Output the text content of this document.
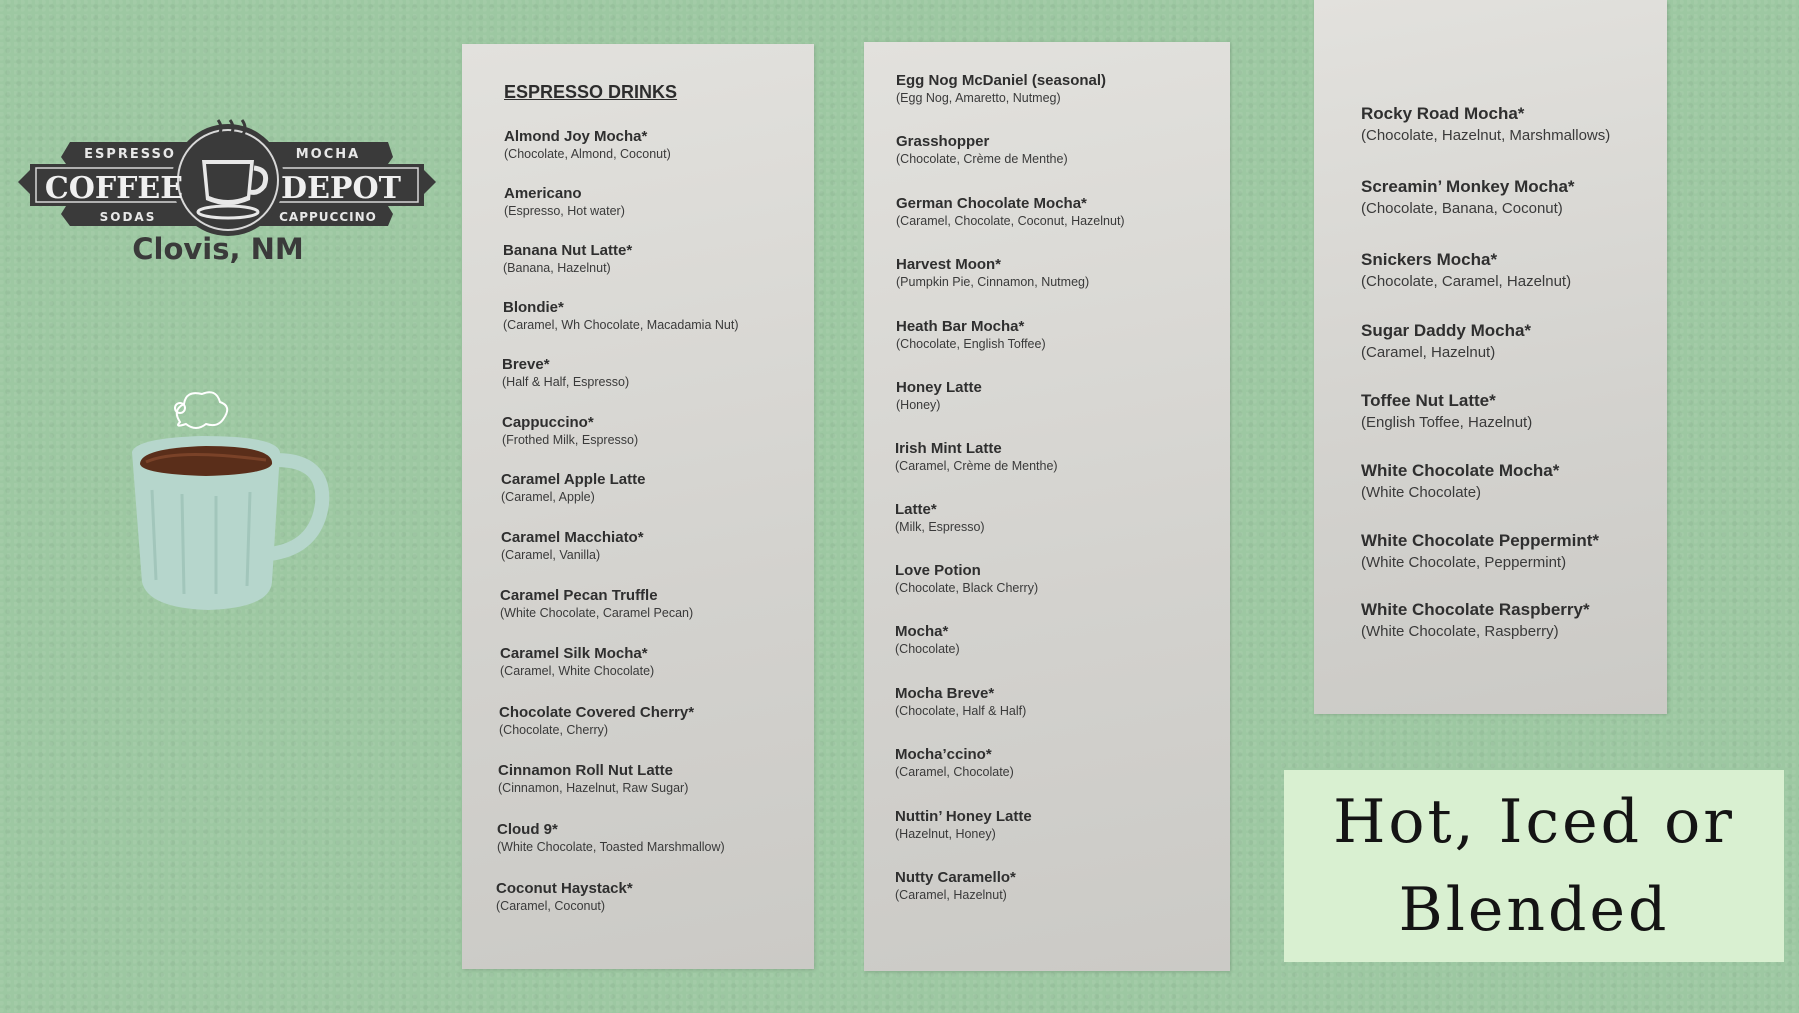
ESPRESSO	MOCHA
COFFEE	DEPOT
SODAS	CAPPUCCINO
Clovis, NM
ESPRESSO DRINKS
Almond Joy Mocha*
(Chocolate, Almond, Coconut)
Americano
(Espresso, Hot water)
Banana Nut Latte*
(Banana, Hazelnut)
Blondie*
(Caramel, Wh Chocolate, Macadamia Nut)
Breve*
(Half & Half, Espresso)
Cappuccino*
(Frothed Milk, Espresso)
Caramel Apple Latte
(Caramel, Apple)
Caramel Macchiato*
(Caramel, Vanilla)
Caramel Pecan Truffle
(White Chocolate, Caramel Pecan)
Caramel Silk Mocha*
(Caramel, White Chocolate)
Chocolate Covered Cherry*
(Chocolate, Cherry)
Cinnamon Roll Nut Latte
(Cinnamon, Hazelnut, Raw Sugar)
Cloud 9*
(White Chocolate, Toasted Marshmallow)
Coconut Haystack*
(Caramel, Coconut)
Egg Nog McDaniel (seasonal)
(Egg Nog, Amaretto, Nutmeg)
Grasshopper
(Chocolate, Crème de Menthe)
German Chocolate Mocha*
(Caramel, Chocolate, Coconut, Hazelnut)
Harvest Moon*
(Pumpkin Pie, Cinnamon, Nutmeg)
Heath Bar Mocha*
(Chocolate, English Toffee)
Honey Latte
(Honey)
Irish Mint Latte
(Caramel, Crème de Menthe)
Latte*
(Milk, Espresso)
Love Potion
(Chocolate, Black Cherry)
Mocha*
(Chocolate)
Mocha Breve*
(Chocolate, Half & Half)
Mocha’ccino*
(Caramel, Chocolate)
Nuttin’ Honey Latte
(Hazelnut, Honey)
Nutty Caramello*
(Caramel, Hazelnut)
Rocky Road Mocha*
(Chocolate, Hazelnut, Marshmallows)
Screamin’ Monkey Mocha*
(Chocolate, Banana, Coconut)
Snickers Mocha*
(Chocolate, Caramel, Hazelnut)
Sugar Daddy Mocha*
(Caramel, Hazelnut)
Toffee Nut Latte*
(English Toffee, Hazelnut)
White Chocolate Mocha*
(White Chocolate)
White Chocolate Peppermint*
(White Chocolate, Peppermint)
White Chocolate Raspberry*
(White Chocolate, Raspberry)
Hot, Iced or
Blended
